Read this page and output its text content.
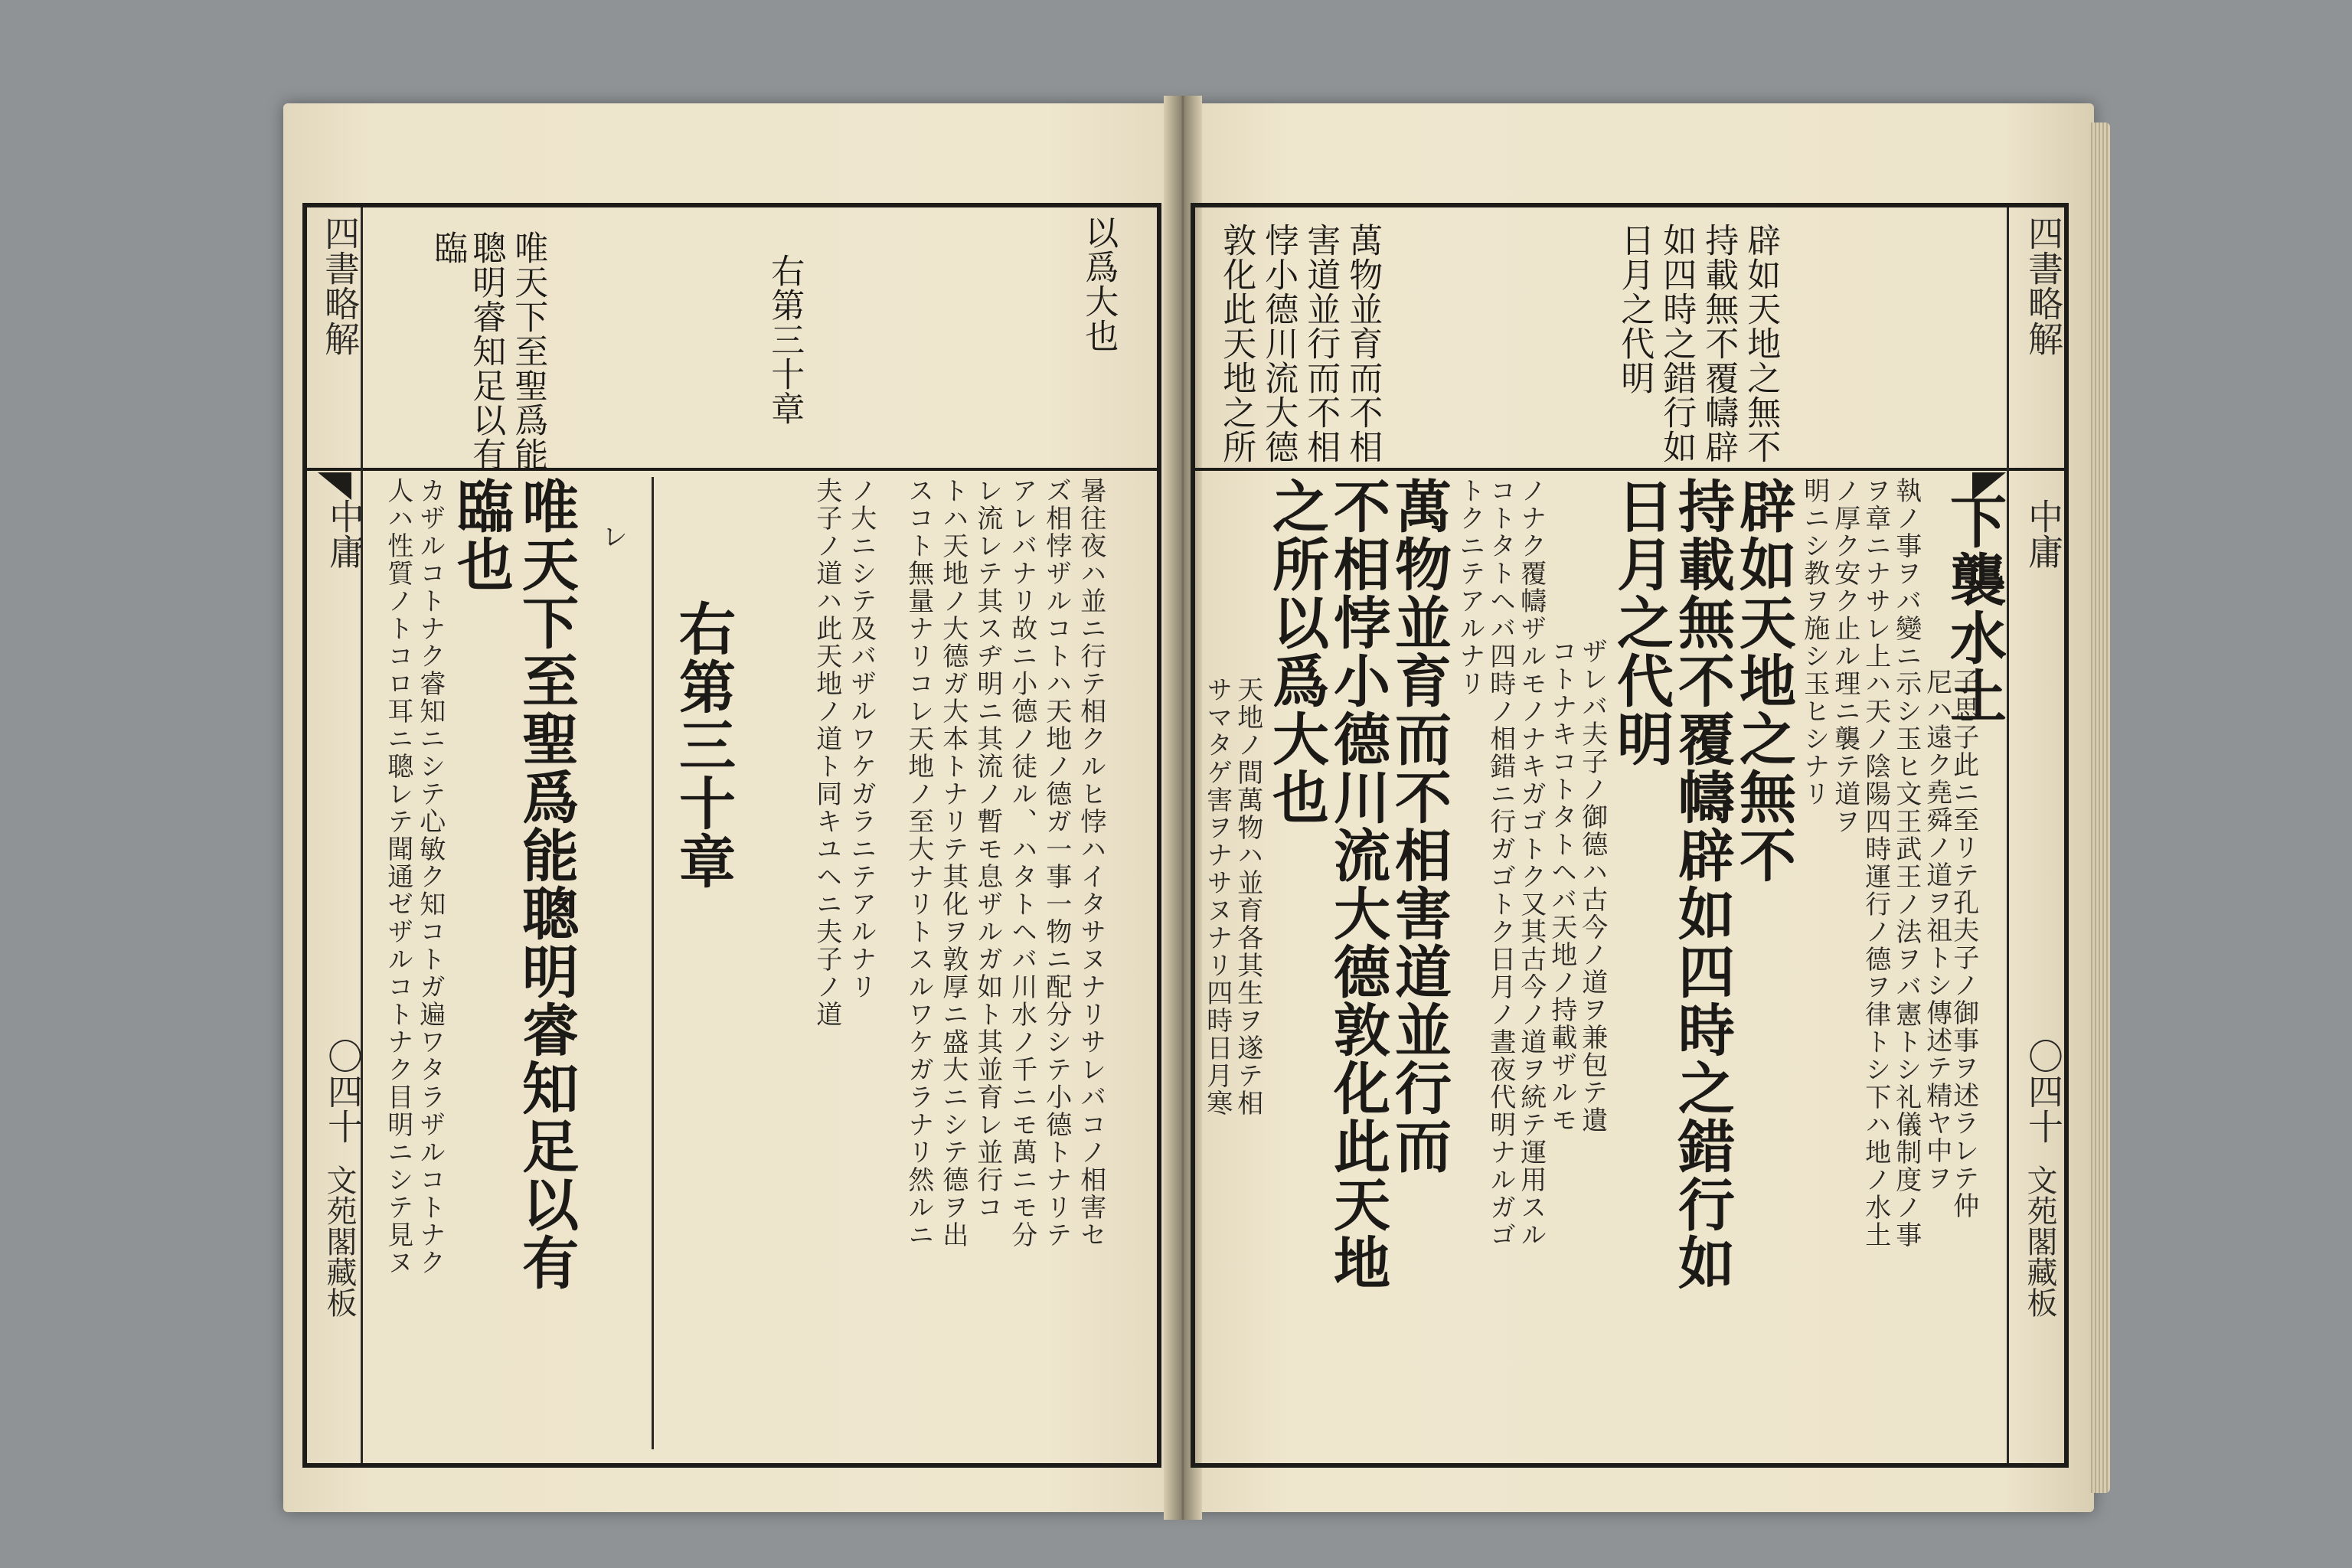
四書略解
中庸
〇四十
文苑閣藏板
臨 聰明睿知足以有 唯天下至聖爲能	右第三十章	以爲大也
人ハ性質ノトコロ耳ニ聰レテ聞通ゼザルコトナク目明ニシテ見ヌ カザルコトナク睿知ニシテ心敏ク知コトガ遍ワタラザルコトナク 臨也 唯天下至聖爲能聰明睿知足以有 レ
右第三十章	夫子ノ道ハ此天地ノ道ト同キユヘニ夫子ノ道 ノ大ニシテ及バザルワケガラニテアルナリ スコト無量ナリコレ天地ノ至大ナリトスルワケガラナリ然ルニ トハ天地ノ大德ガ大本トナリテ其化ヲ敦厚ニ盛大ニシテ德ヲ出 レ流レテ其スヂ明ニ其流ノ暫モ息ザルガ如ト其並育レ並行コ アレバナリ故ニ小德ノ徒ル、ハタトヘバ川水ノ千ニモ萬ニモ分 ズ相悖ザルコトハ天地ノ德ガ一事一物ニ配分シテ小德トナリテ 暑往夜ハ並ニ行テ相クルヒ悖ハイタサヌナリサレバコノ相害セ
敦化此天地之所 悖小德川流大德 害道並行而不相 萬物並育而不相	日月之代明 如四時之錯行如 持載無不覆幬辟 辟如天地之無不	四書略解
中庸
〇四十
文苑閣藏板
サマタゲ害ヲナサヌナリ四時日月寒 天地ノ間萬物ハ並育各其生ヲ遂テ相
之所以爲大也
不相悖小德川流大德敦化此天地
萬物並育而不相害道並行而 トクニテアルナリ コトタトヘバ四時ノ相錯ニ行ガゴトク日月ノ晝夜代明ナルガゴ ノナク覆幬ザルモノナキガゴトク又其古今ノ道ヲ統テ運用スル コトナキコトタトヘバ天地ノ持載ザルモ ザレバ夫子ノ御德ハ古今ノ道ヲ兼包テ遺
日月之代明
持載無不覆幬辟如四時之錯行如
辟如天地之無不 明ニシ教ヲ施シ玉ヒシナリ ノ厚ク安ク止ル理ニ襲テ道ヲ ヲ章ニナサレ上ハ天ノ陰陽四時運行ノ德ヲ律トシ下ハ地ノ水土 執ノ事ヲバ變ニ示シ玉ヒ文王武王ノ法ヲバ憲トシ礼儀制度ノ事 尼ハ遠ク堯舜ノ道ヲ祖トシ傳述テ精ヤ中ヲ
子思子此ニ至リテ孔夫子ノ御事ヲ述ラレテ仲
下襲水土
